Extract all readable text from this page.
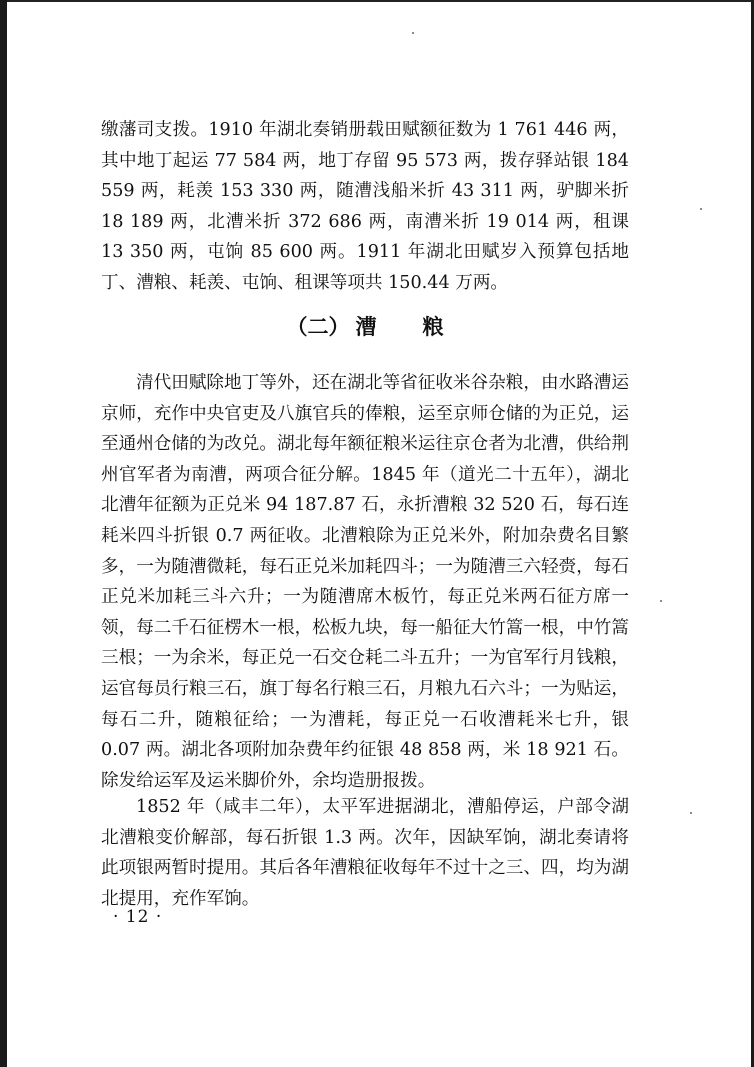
缴藩司支拨。1910 年湖北奏销册载田赋额征数为 1 761 446 两，其中地丁起运 77 584 两，地丁存留 95 573 两，拨存驿站银 184 559 两，耗羡 153 330 两，随漕浅船米折 43 311 两，驴脚米折 18 189 两，北漕米折 372 686 两，南漕米折 19 014 两，租课 13 350 两，屯饷 85 600 两。1911 年湖北田赋岁入预算包括地丁、漕粮、耗羡、屯饷、租课等项共 150.44 万两。

（二） 漕 粮

清代田赋除地丁等外，还在湖北等省征收米谷杂粮，由水路漕运京师，充作中央官吏及八旗官兵的俸粮，运至京师仓储的为正兑，运至通州仓储的为改兑。湖北每年额征粮米运往京仓者为北漕，供给荆州官军者为南漕，两项合征分解。1845 年（道光二十五年），湖北北漕年征额为正兑米 94 187.87 石，永折漕粮 32 520 石，每石连耗米四斗折银 0.7 两征收。北漕粮除为正兑米外，附加杂费名目繁多，一为随漕微耗，每石正兑米加耗四斗；一为随漕三六轻赍，每石正兑米加耗三斗六升；一为随漕席木板竹，每正兑米两石征方席一领，每二千石征楞木一根，松板九块，每一船征大竹篙一根，中竹篙三根；一为余米，每正兑一石交仓耗二斗五升；一为官军行月钱粮，运官每员行粮三石，旗丁每名行粮三石，月粮九石六斗；一为贴运，每石二升，随粮征给；一为漕耗，每正兑一石收漕耗米七升，银 0.07 两。湖北各项附加杂费年约征银 48 858 两，米 18 921 石。除发给运军及运米脚价外，余均造册报拨。

1852 年（咸丰二年），太平军进据湖北，漕船停运，户部令湖北漕粮变价解部，每石折银 1.3 两。次年，因缺军饷，湖北奏请将此项银两暂时提用。其后各年漕粮征收每年不过十之三、四，均为湖北提用，充作军饷。

· 12 ·
